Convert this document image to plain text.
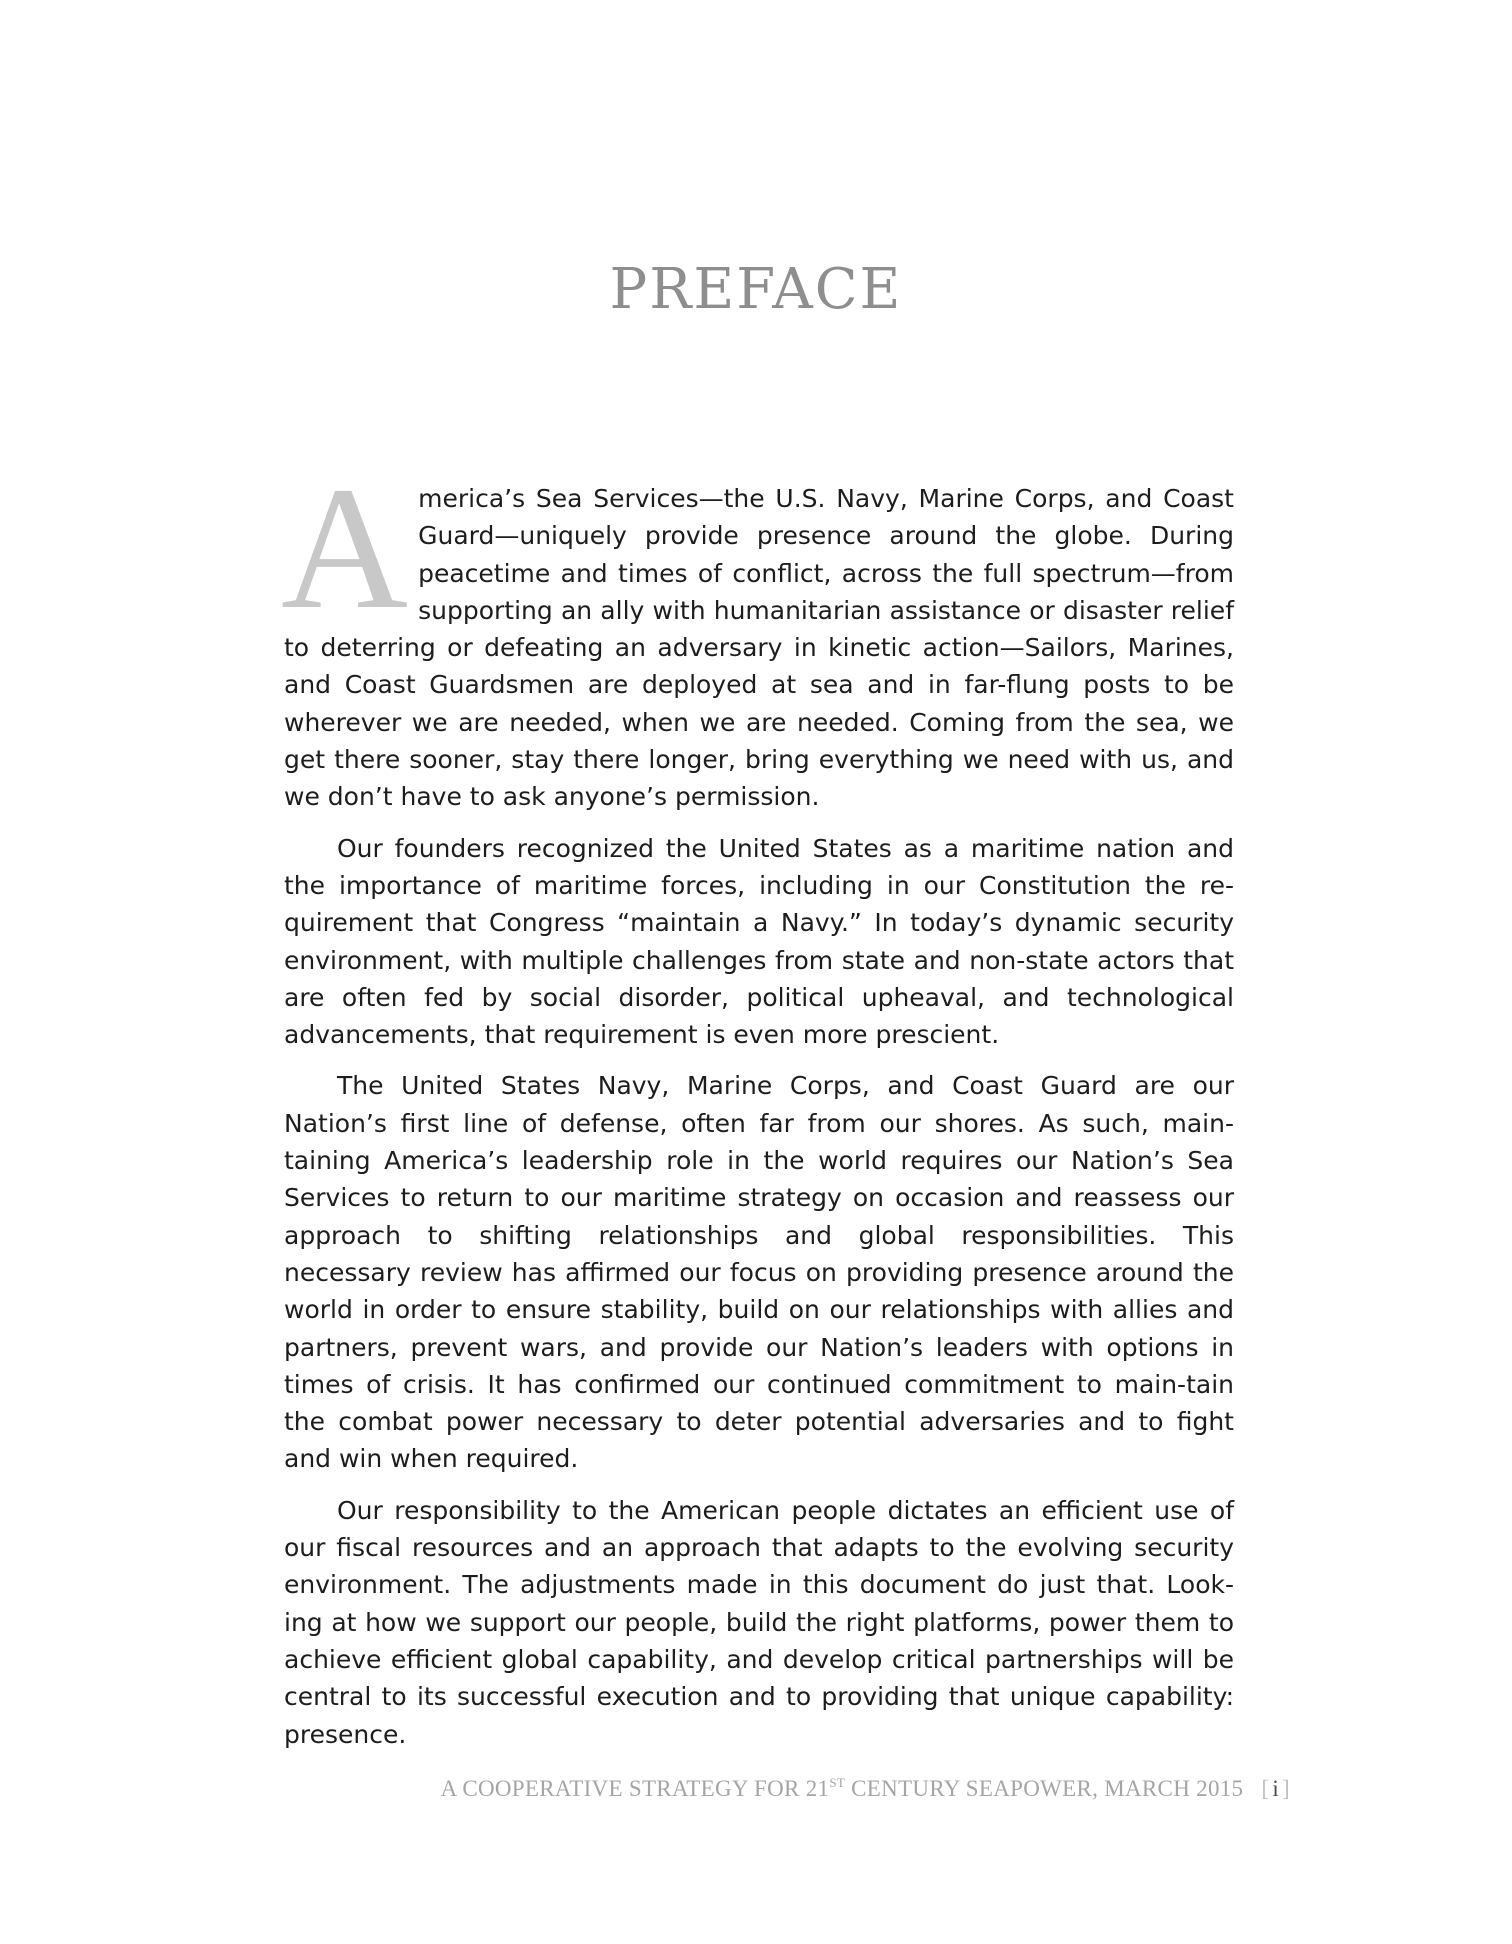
PREFACE

America’s Sea Services—the U.S. Navy, Marine Corps, and Coast Guard—uniquely provide presence around the globe. During peacetime and times of conflict, across the full spectrum—from supporting an ally with humanitarian assistance or disaster relief to deterring or defeating an adversary in kinetic action—Sailors, Marines, and Coast Guardsmen are deployed at sea and in far-flung posts to be wherever we are needed, when we are needed. Coming from the sea, we get there sooner, stay there longer, bring everything we need with us, and we don’t have to ask anyone’s permission.

Our founders recognized the United States as a maritime nation and the importance of maritime forces, including in our Constitution the re-quirement that Congress “maintain a Navy.” In today’s dynamic security environment, with multiple challenges from state and non-state actors that are often fed by social disorder, political upheaval, and technological advancements, that requirement is even more prescient.

The United States Navy, Marine Corps, and Coast Guard are our Nation’s first line of defense, often far from our shores. As such, main-taining America’s leadership role in the world requires our Nation’s Sea Services to return to our maritime strategy on occasion and reassess our approach to shifting relationships and global responsibilities. This necessary review has affirmed our focus on providing presence around the world in order to ensure stability, build on our relationships with allies and partners, prevent wars, and provide our Nation’s leaders with options in times of crisis. It has confirmed our continued commitment to main-tain the combat power necessary to deter potential adversaries and to fight and win when required.

Our responsibility to the American people dictates an efficient use of our fiscal resources and an approach that adapts to the evolving security environment. The adjustments made in this document do just that. Look-ing at how we support our people, build the right platforms, power them to achieve efficient global capability, and develop critical partnerships will be central to its successful execution and to providing that unique capability: presence.

A COOPERATIVE STRATEGY FOR 21ST CENTURY SEAPOWER, MARCH 2015 [ i ]
